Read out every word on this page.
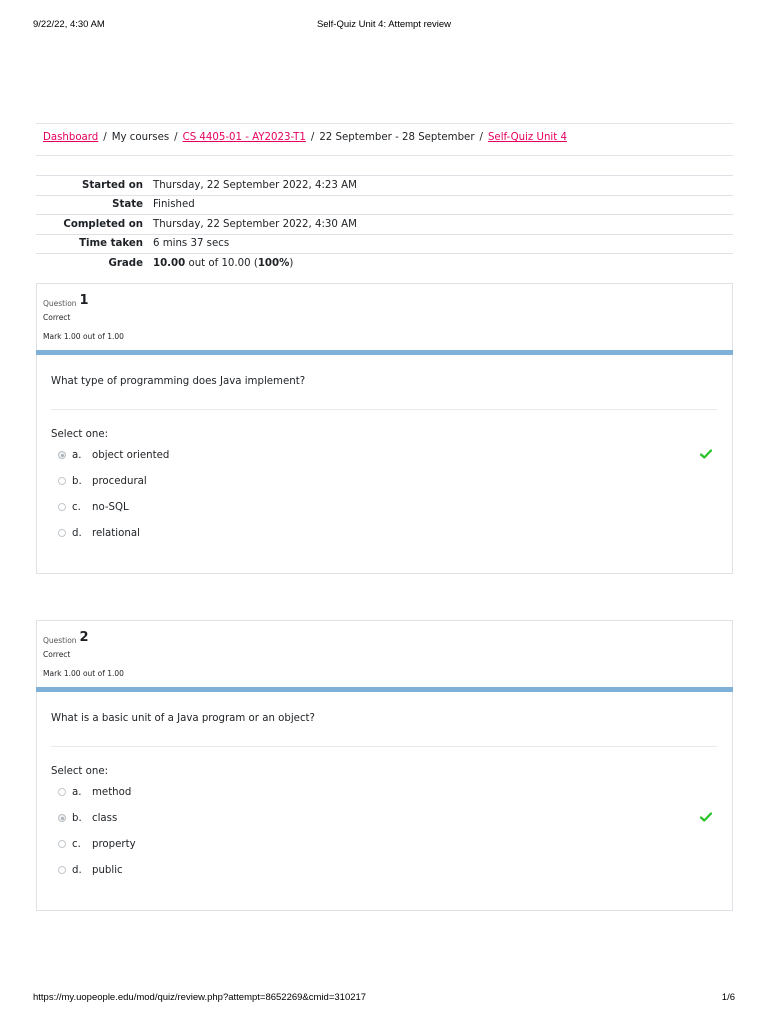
9/22/22, 4:30 AM	Self-Quiz Unit 4: Attempt review
Dashboard / My courses / CS 4405-01 - AY2023-T1 / 22 September - 28 September / Self-Quiz Unit 4
Started on Thursday, 22 September 2022, 4:23 AM
State Finished
Completed on Thursday, 22 September 2022, 4:30 AM
Time taken 6 mins 37 secs
Grade 10.00 out of 10.00 (100%)
Question 1
Correct
Mark 1.00 out of 1.00
What type of programming does Java implement?
Select one:
a.	object oriented
b.	procedural
c.	no-SQL
d.	relational
Question 2
Correct
Mark 1.00 out of 1.00
What is a basic unit of a Java program or an object?
Select one:
a.	method
b.	class
c.	property
d.	public
https://my.uopeople.edu/mod/quiz/review.php?attempt=8652269&cmid=310217	1/6
